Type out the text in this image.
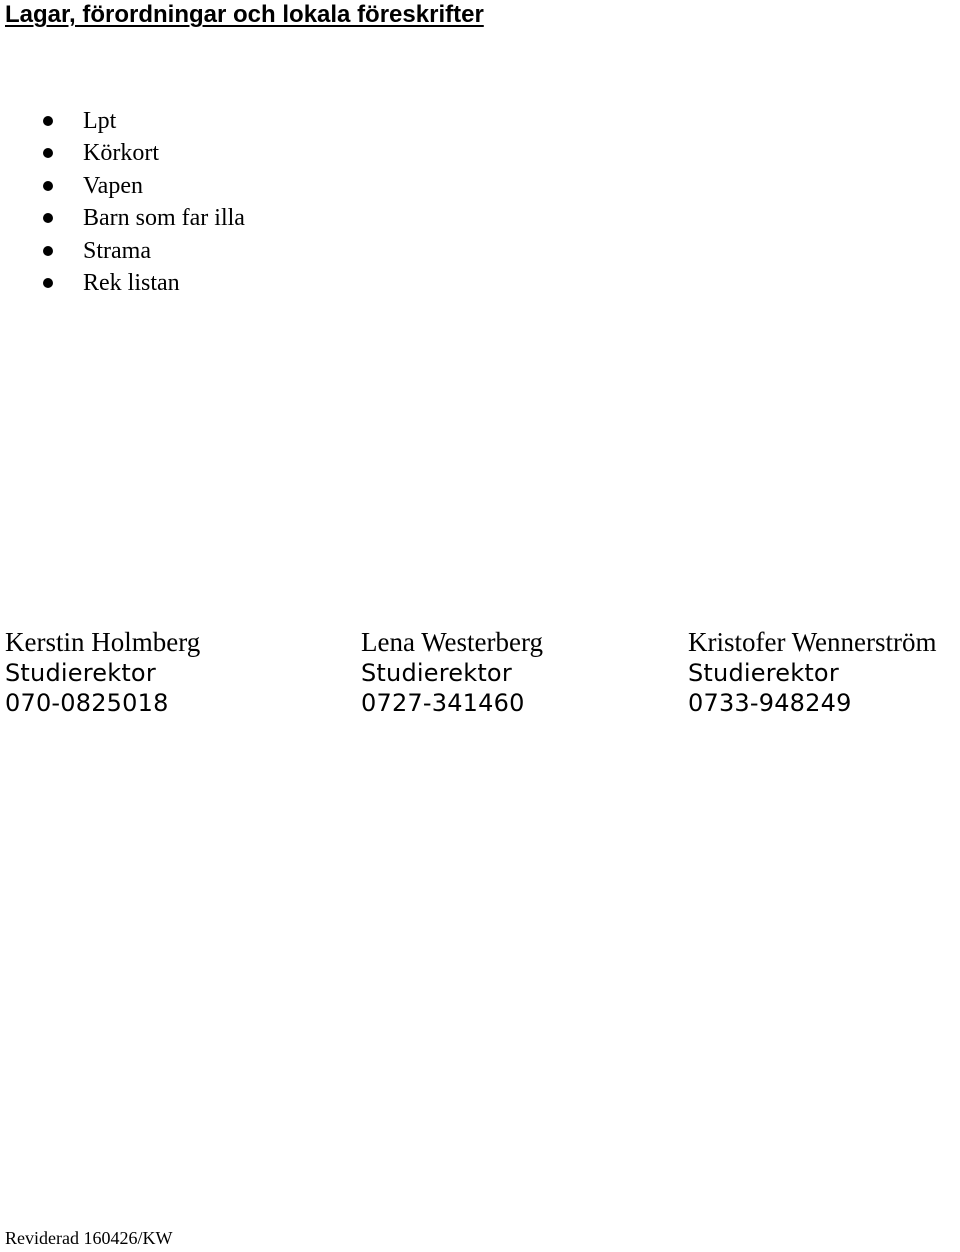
Lagar, förordningar och lokala föreskrifter
Lpt
Körkort
Vapen
Barn som far illa
Strama
Rek listan
Kerstin Holmberg
Studierektor
070-0825018
Lena Westerberg
Studierektor
0727-341460
Kristofer Wennerström
Studierektor
0733-948249
Reviderad 160426/KW
